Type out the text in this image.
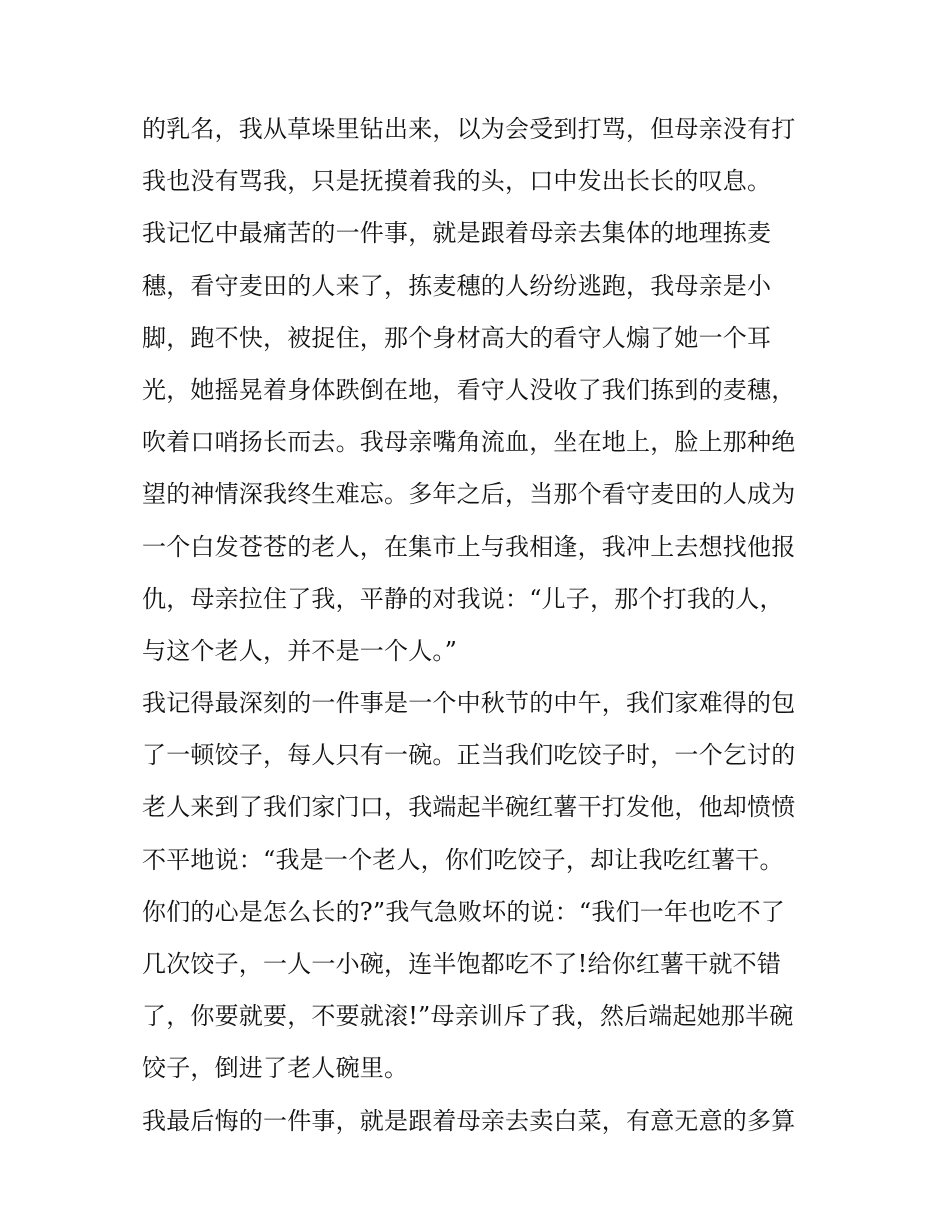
的乳名，我从草垛里钻出来，以为会受到打骂，但母亲没有打
我也没有骂我，只是抚摸着我的头，口中发出长长的叹息。
我记忆中最痛苦的一件事，就是跟着母亲去集体的地理拣麦
穗，看守麦田的人来了，拣麦穗的人纷纷逃跑，我母亲是小
脚，跑不快，被捉住，那个身材高大的看守人煽了她一个耳
光，她摇晃着身体跌倒在地，看守人没收了我们拣到的麦穗，
吹着口哨扬长而去。我母亲嘴角流血，坐在地上，脸上那种绝
望的神情深我终生难忘。多年之后，当那个看守麦田的人成为
一个白发苍苍的老人，在集市上与我相逢，我冲上去想找他报
仇，母亲拉住了我，平静的对我说：“儿子，那个打我的人，
与这个老人，并不是一个人。”
我记得最深刻的一件事是一个中秋节的中午，我们家难得的包
了一顿饺子，每人只有一碗。正当我们吃饺子时，一个乞讨的
老人来到了我们家门口，我端起半碗红薯干打发他，他却愤愤
不平地说：“我是一个老人，你们吃饺子，却让我吃红薯干。
你们的心是怎么长的?”我气急败坏的说：“我们一年也吃不了
几次饺子，一人一小碗，连半饱都吃不了!给你红薯干就不错
了，你要就要，不要就滚!”母亲训斥了我，然后端起她那半碗
饺子，倒进了老人碗里。
我最后悔的一件事，就是跟着母亲去卖白菜，有意无意的多算
